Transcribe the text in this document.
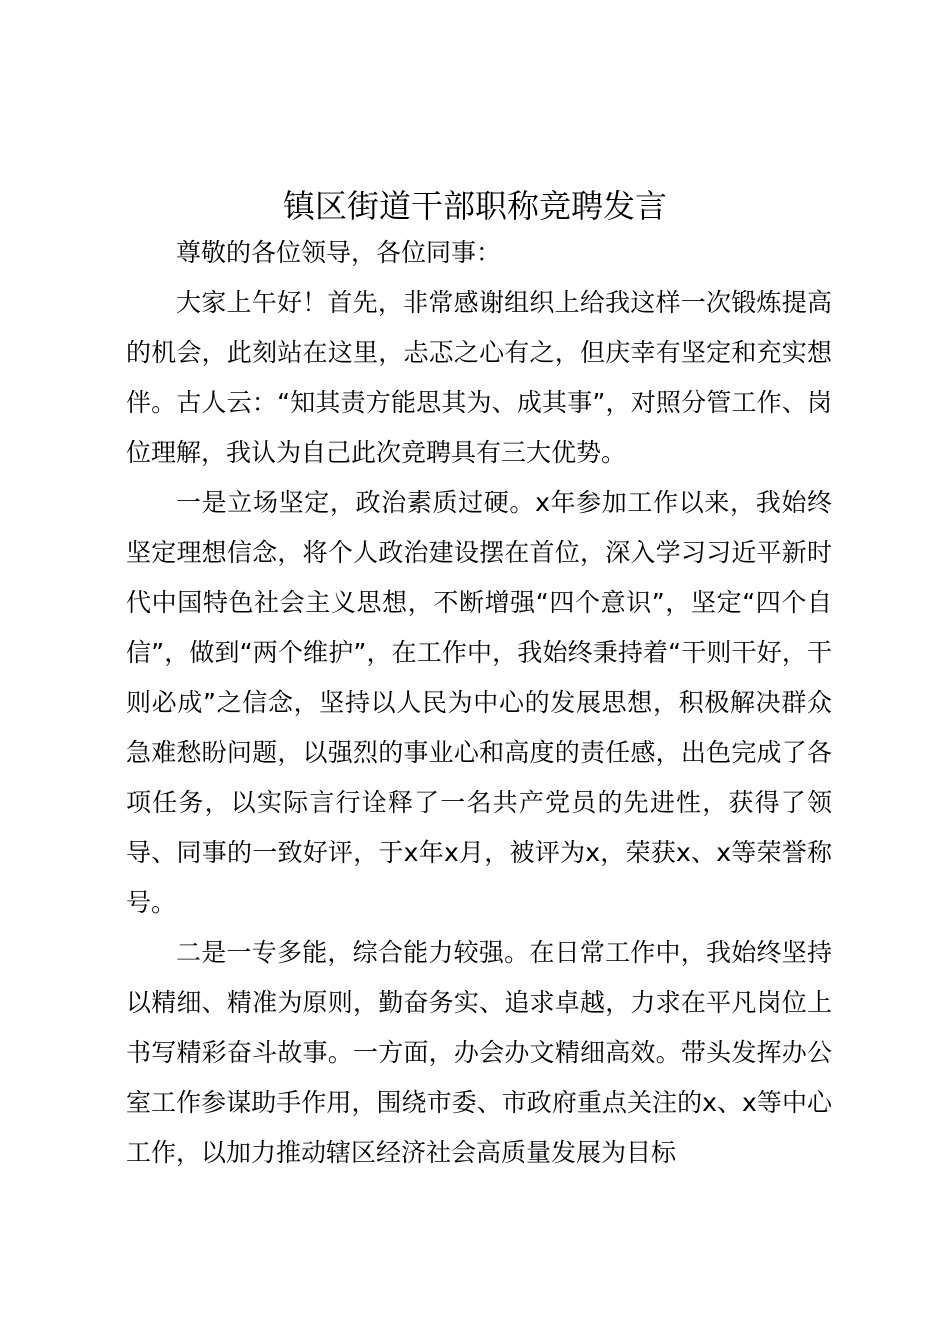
镇区街道干部职称竞聘发言

尊敬的各位领导，各位同事：

大家上午好！首先，非常感谢组织上给我这样一次锻炼提高的机会，此刻站在这里，忐忑之心有之，但庆幸有坚定和充实想伴。古人云：“知其责方能思其为、成其事”，对照分管工作、岗位理解，我认为自己此次竞聘具有三大优势。

一是立场坚定，政治素质过硬。x年参加工作以来，我始终坚定理想信念，将个人政治建设摆在首位，深入学习习近平新时代中国特色社会主义思想，不断增强“四个意识”，坚定“四个自信”，做到“两个维护”，在工作中，我始终秉持着“干则干好，干则必成”之信念，坚持以人民为中心的发展思想，积极解决群众急难愁盼问题，以强烈的事业心和高度的责任感，出色完成了各项任务，以实际言行诠释了一名共产党员的先进性，获得了领导、同事的一致好评，于x年x月，被评为x，荣获x、x等荣誉称号。

二是一专多能，综合能力较强。在日常工作中，我始终坚持以精细、精准为原则，勤奋务实、追求卓越，力求在平凡岗位上书写精彩奋斗故事。一方面，办会办文精细高效。带头发挥办公室工作参谋助手作用，围绕市委、市政府重点关注的x、x等中心工作，以加力推动辖区经济社会高质量发展为目标
